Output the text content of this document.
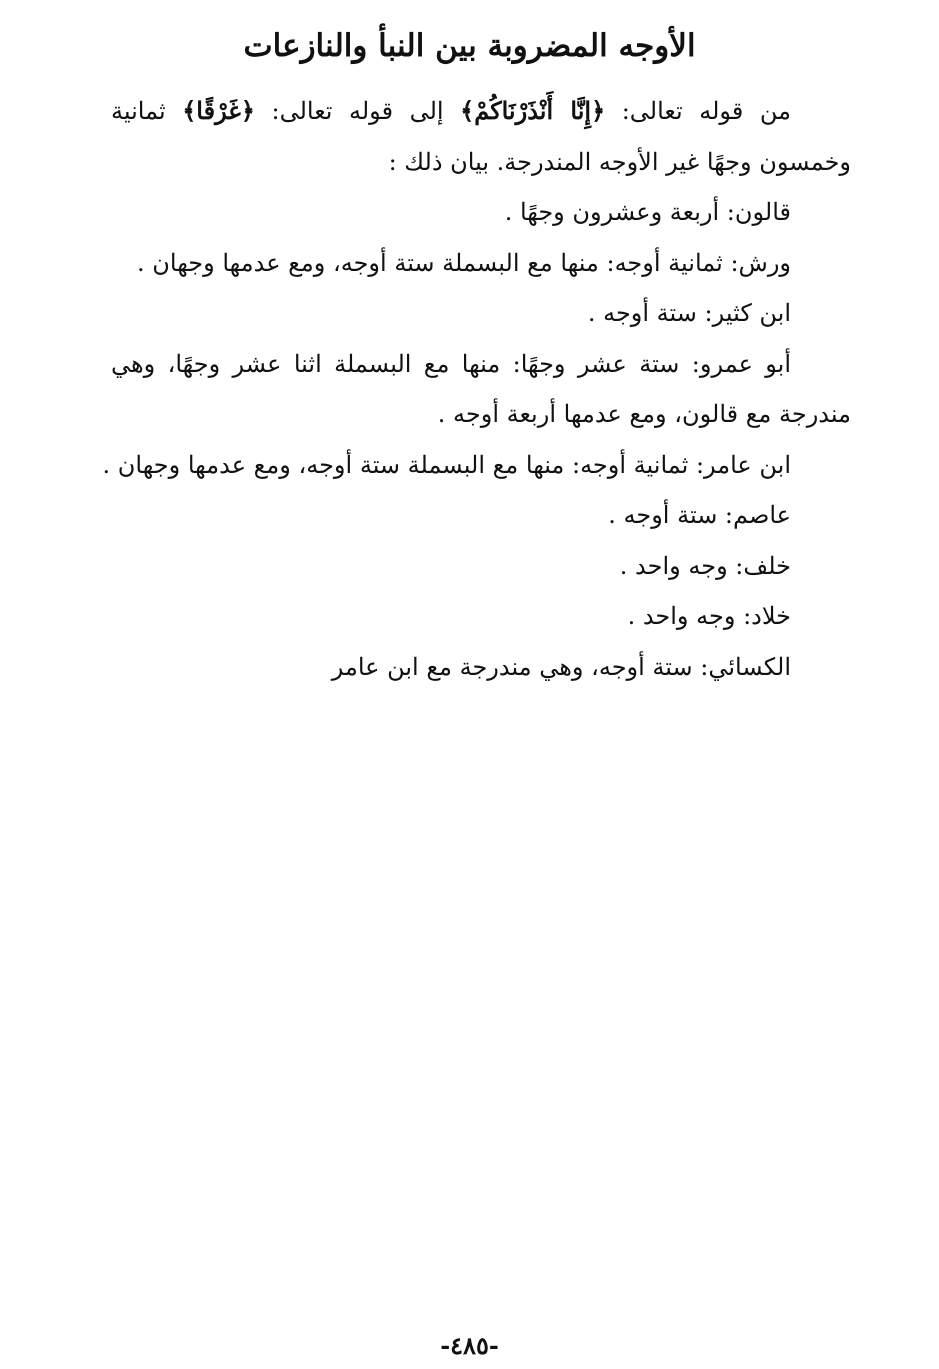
الأوجه المضروبة بين النبأ والنازعات

من قوله تعالى: ﴿إِنَّا أَنْذَرْنَاكُمْ﴾ إلى قوله تعالى: ﴿غَرْقًا﴾ ثمانية وخمسون وجهًا غير الأوجه المندرجة. بيان ذلك :

قالون: أربعة وعشرون وجهًا .

ورش: ثمانية أوجه: منها مع البسملة ستة أوجه، ومع عدمها وجهان .

ابن كثير: ستة أوجه .

أبو عمرو: ستة عشر وجهًا: منها مع البسملة اثنا عشر وجهًا، وهي مندرجة مع قالون، ومع عدمها أربعة أوجه .

ابن عامر: ثمانية أوجه: منها مع البسملة ستة أوجه، ومع عدمها وجهان .

عاصم: ستة أوجه .

خلف: وجه واحد .

خلاد: وجه واحد .

الكسائي: ستة أوجه، وهي مندرجة مع ابن عامر

-٤٨٥-
